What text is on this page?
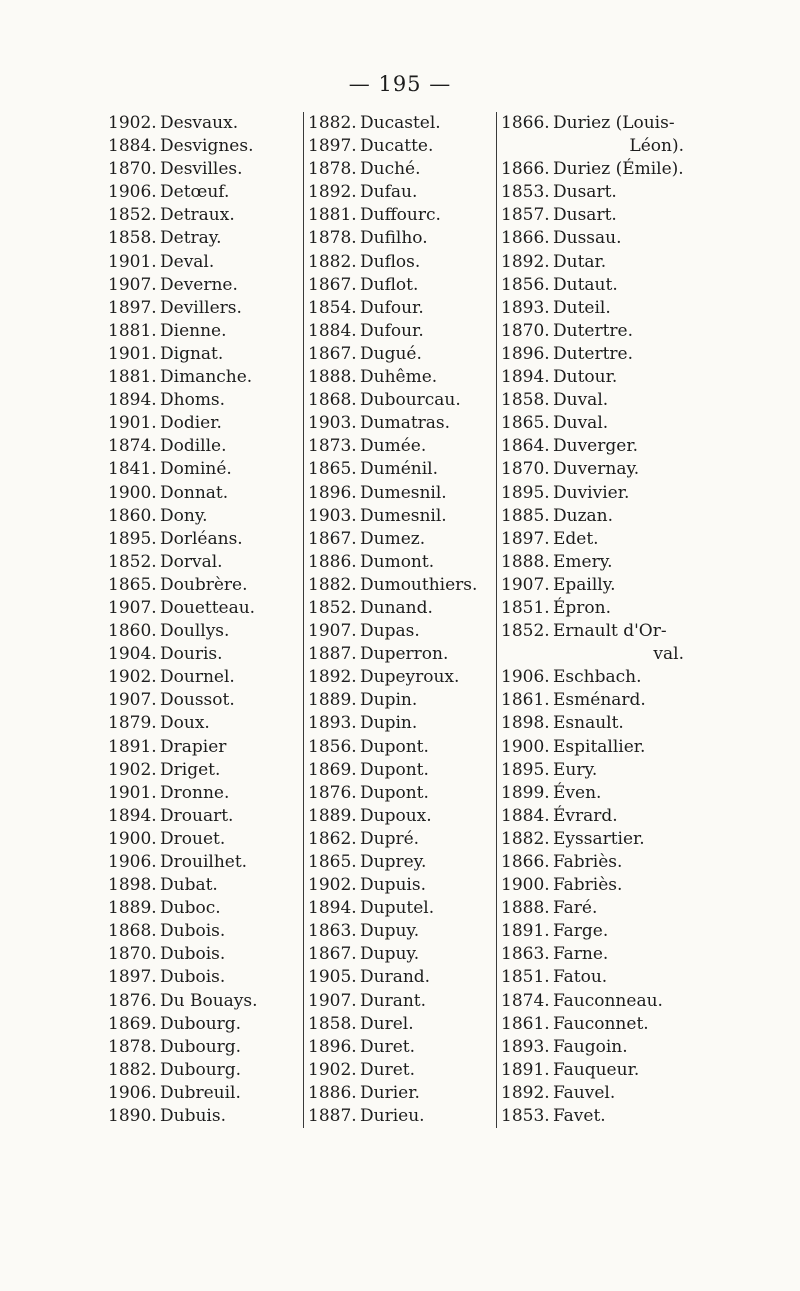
— 195 —
1902. Desvaux.
1884. Desvignes.
1870. Desvilles.
1906. Detœuf.
1852. Detraux.
1858. Detray.
1901. Deval.
1907. Deverne.
1897. Devillers.
1881. Dienne.
1901. Dignat.
1881. Dimanche.
1894. Dhoms.
1901. Dodier.
1874. Dodille.
1841. Dominé.
1900. Donnat.
1860. Dony.
1895. Dorléans.
1852. Dorval.
1865. Doubrère.
1907. Douetteau.
1860. Doullys.
1904. Douris.
1902. Dournel.
1907. Doussot.
1879. Doux.
1891. Drapier
1902. Driget.
1901. Dronne.
1894. Drouart.
1900. Drouet.
1906. Drouilhet.
1898. Dubat.
1889. Duboc.
1868. Dubois.
1870. Dubois.
1897. Dubois.
1876. Du Bouays.
1869. Dubourg.
1878. Dubourg.
1882. Dubourg.
1906. Dubreuil.
1890. Dubuis.
1882. Ducastel.
1897. Ducatte.
1878. Duché.
1892. Dufau.
1881. Duffourc.
1878. Dufilho.
1882. Duflos.
1867. Duflot.
1854. Dufour.
1884. Dufour.
1867. Dugué.
1888. Duhême.
1868. Dubourcau.
1903. Dumatras.
1873. Dumée.
1865. Duménil.
1896. Dumesnil.
1903. Dumesnil.
1867. Dumez.
1886. Dumont.
1882. Dumouthiers.
1852. Dunand.
1907. Dupas.
1887. Duperron.
1892. Dupeyroux.
1889. Dupin.
1893. Dupin.
1856. Dupont.
1869. Dupont.
1876. Dupont.
1889. Dupoux.
1862. Dupré.
1865. Duprey.
1902. Dupuis.
1894. Duputel.
1863. Dupuy.
1867. Dupuy.
1905. Durand.
1907. Durant.
1858. Durel.
1896. Duret.
1902. Duret.
1886. Durier.
1887. Durieu.
1866. Duriez (Louis-
Léon).
1866. Duriez (Émile).
1853. Dusart.
1857. Dusart.
1866. Dussau.
1892. Dutar.
1856. Dutaut.
1893. Duteil.
1870. Dutertre.
1896. Dutertre.
1894. Dutour.
1858. Duval.
1865. Duval.
1864. Duverger.
1870. Duvernay.
1895. Duvivier.
1885. Duzan.
1897. Edet.
1888. Emery.
1907. Epailly.
1851. Épron.
1852. Ernault d'Or-
val.
1906. Eschbach.
1861. Esménard.
1898. Esnault.
1900. Espitallier.
1895. Eury.
1899. Éven.
1884. Évrard.
1882. Eyssartier.
1866. Fabriès.
1900. Fabriès.
1888. Faré.
1891. Farge.
1863. Farne.
1851. Fatou.
1874. Fauconneau.
1861. Fauconnet.
1893. Faugoin.
1891. Fauqueur.
1892. Fauvel.
1853. Favet.
